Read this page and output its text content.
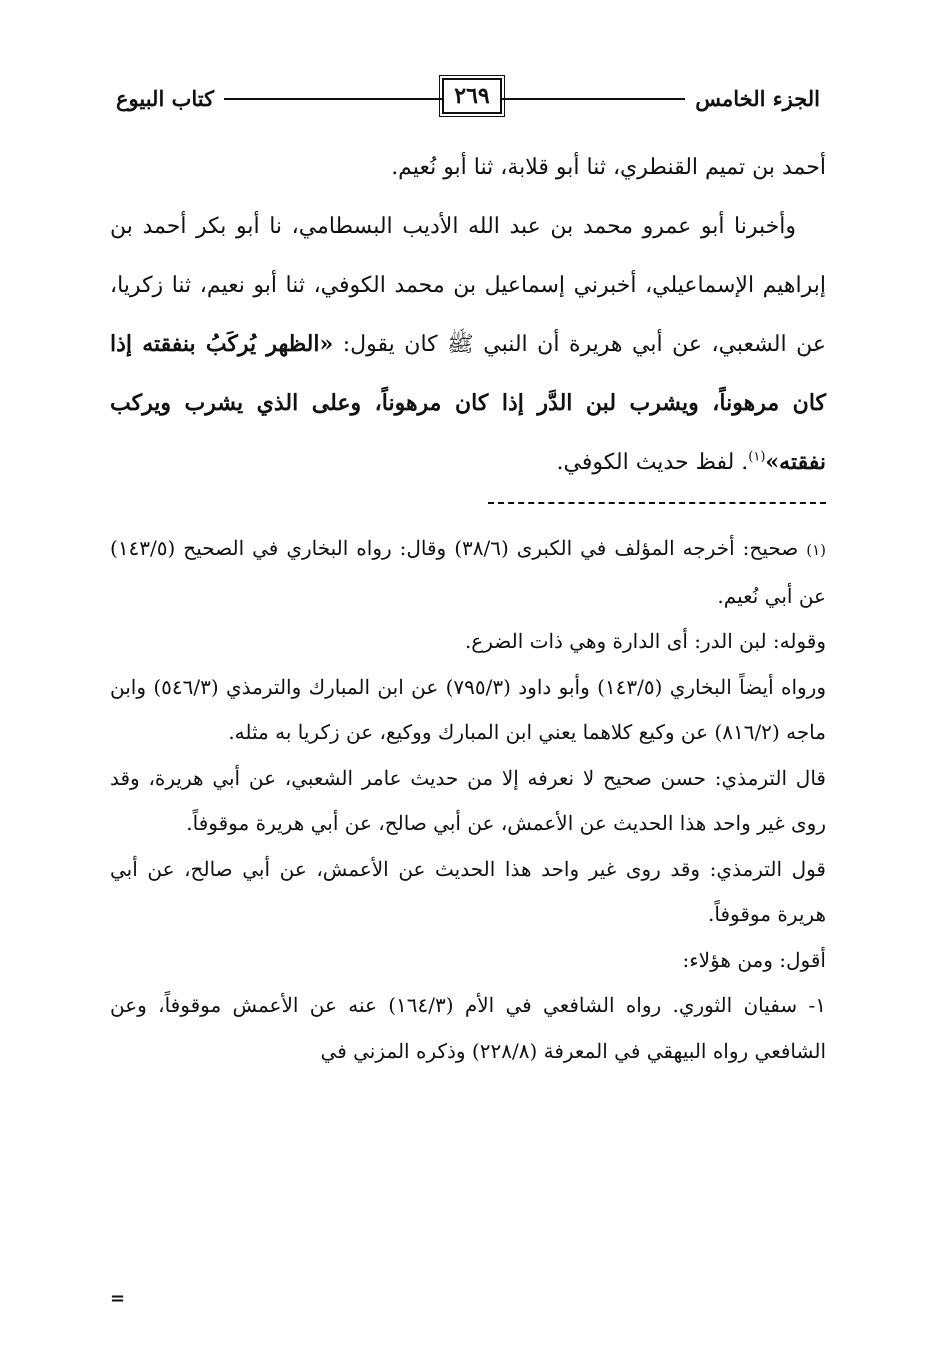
الجزء الخامس
كتاب البيوع	٢٦٩

أحمد بن تميم القنطري، ثنا أبو قلابة، ثنا أبو نُعيم.

وأخبرنا أبو عمرو محمد بن عبد الله الأديب البسطامي، نا أبو بكر أحمد بن إبراهيم الإسماعيلي، أخبرني إسماعيل بن محمد الكوفي، ثنا أبو نعيم، ثنا زكريا، عن الشعبي، عن أبي هريرة أن النبي ﷺ كان يقول: «الظهر يُركَبُ بنفقته إذا كان مرهوناً، ويشرب لبن الدَّر إذا كان مرهوناً، وعلى الذي يشرب ويركب نفقته»$^{(١)}$. لفظ حديث الكوفي.

(١) صحيح: أخرجه المؤلف في الكبرى (٣٨/٦) وقال: رواه البخاري في الصحيح (١٤٣/٥) عن أبي نُعيم.

وقوله: لبن الدر: أى الدارة وهي ذات الضرع.

ورواه أيضاً البخاري (١٤٣/٥) وأبو داود (٧٩٥/٣) عن ابن المبارك والترمذي (٥٤٦/٣) وابن ماجه (٨١٦/٢) عن وكيع كلاهما يعني ابن المبارك ووكيع، عن زكريا به مثله.

قال الترمذي: حسن صحيح لا نعرفه إلا من حديث عامر الشعبي، عن أبي هريرة، وقد روى غير واحد هذا الحديث عن الأعمش، عن أبي صالح، عن أبي هريرة موقوفاً.

قول الترمذي: وقد روى غير واحد هذا الحديث عن الأعمش، عن أبي صالح، عن أبي هريرة موقوفاً.

أقول: ومن هؤلاء:

١- سفيان الثوري. رواه الشافعي في الأم (١٦٤/٣) عنه عن الأعمش موقوفاً، وعن الشافعي رواه البيهقي في المعرفة (٢٢٨/٨) وذكره المزني في

=
